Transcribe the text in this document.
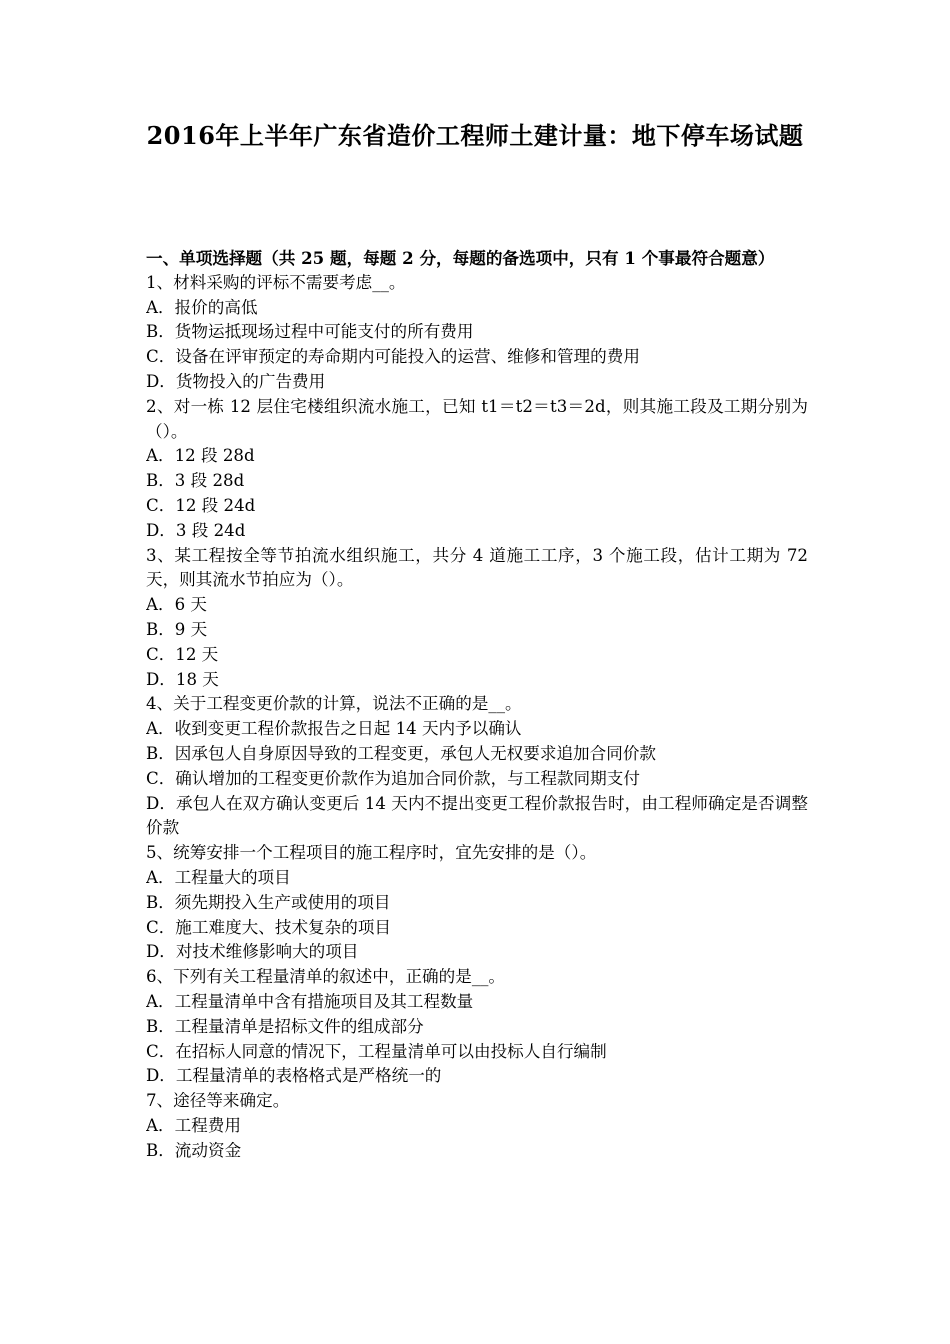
2016年上半年广东省造价工程师土建计量：地下停车场试题
一、单项选择题（共 25 题，每题 2 分，每题的备选项中，只有 1 个事最符合题意）
1、材料采购的评标不需要考虑__。
A．报价的高低
B．货物运抵现场过程中可能支付的所有费用
C．设备在评审预定的寿命期内可能投入的运营、维修和管理的费用
D．货物投入的广告费用
2、对一栋 12 层住宅楼组织流水施工，已知 t1＝t2＝t3＝2d，则其施工段及工期分别为（）。
A．12 段 28d
B．3 段 28d
C．12 段 24d
D．3 段 24d
3、某工程按全等节拍流水组织施工，共分 4 道施工工序，3 个施工段，估计工期为 72 天，则其流水节拍应为（）。
A．6 天
B．9 天
C．12 天
D．18 天
4、关于工程变更价款的计算，说法不正确的是__。
A．收到变更工程价款报告之日起 14 天内予以确认
B．因承包人自身原因导致的工程变更，承包人无权要求追加合同价款
C．确认增加的工程变更价款作为追加合同价款，与工程款同期支付
D．承包人在双方确认变更后 14 天内不提出变更工程价款报告时，由工程师确定是否调整价款
5、统筹安排一个工程项目的施工程序时，宜先安排的是（）。
A．工程量大的项目
B．须先期投入生产或使用的项目
C．施工难度大、技术复杂的项目
D．对技术维修影响大的项目
6、下列有关工程量清单的叙述中，正确的是__。
A．工程量清单中含有措施项目及其工程数量
B．工程量清单是招标文件的组成部分
C．在招标人同意的情况下，工程量清单可以由投标人自行编制
D．工程量清单的表格格式是严格统一的
7、途径等来确定。
A．工程费用
B．流动资金
